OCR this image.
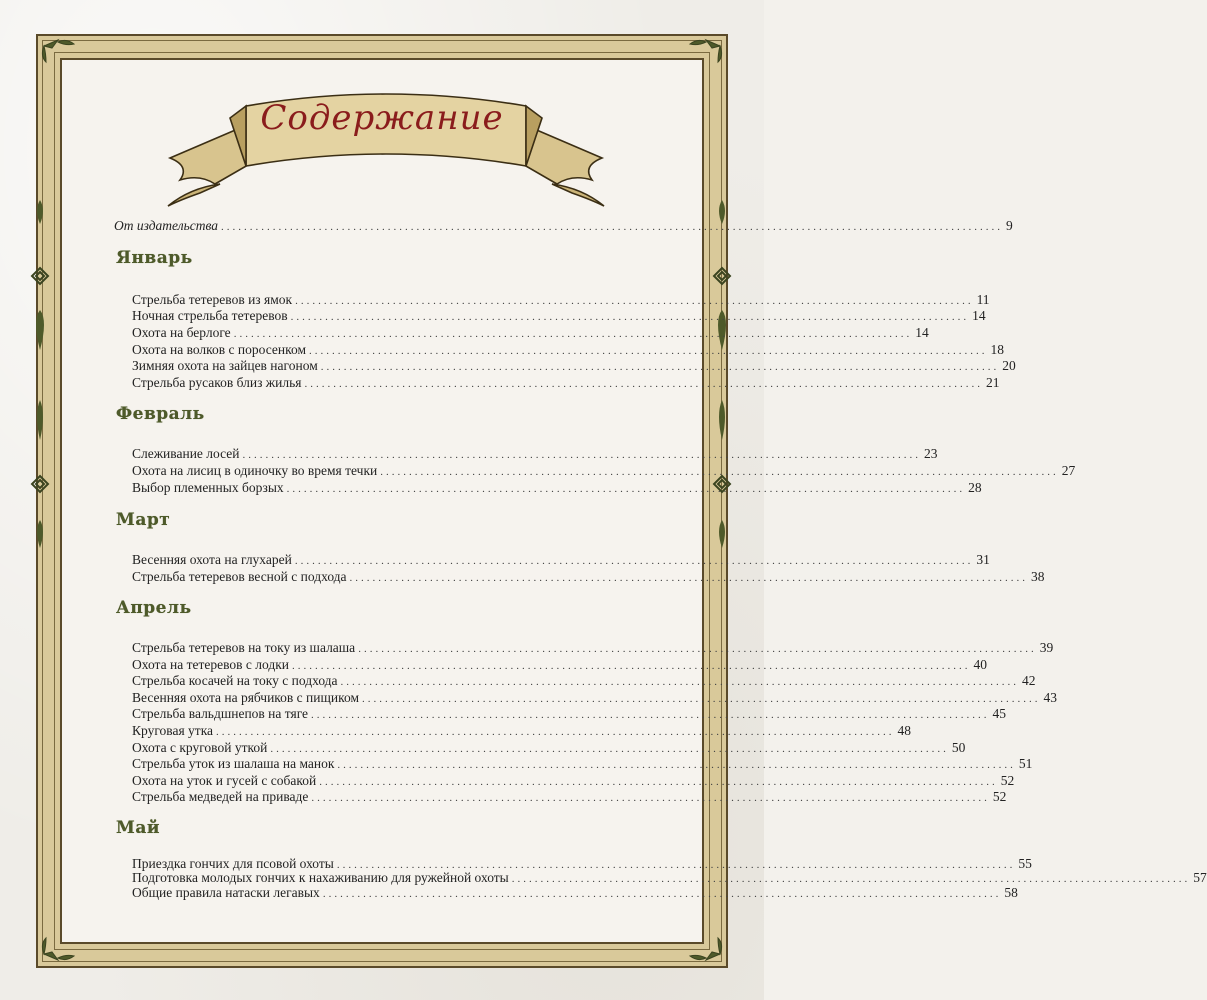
Содержание
От издательства ........................................................................................................................................ 9
Январь
Стрельба тетеревов из ямок ...................................................................................................................... 11
Ночная стрельба тетеревов ...................................................................................................................... 14
Охота на берлоге ...................................................................................................................... 14
Охота на волков с поросенком ...................................................................................................................... 18
Зимняя охота на зайцев нагоном ...................................................................................................................... 20
Стрельба русаков близ жилья ...................................................................................................................... 21
Февраль
Слеживание лосей ...................................................................................................................... 23
Охота на лисиц в одиночку во время течки ...................................................................................................................... 27
Выбор племенных борзых ...................................................................................................................... 28
Март
Весенняя охота на глухарей ...................................................................................................................... 31
Стрельба тетеревов весной с подхода ...................................................................................................................... 38
Апрель
Стрельба тетеревов на току из шалаша ...................................................................................................................... 39
Охота на тетеревов с лодки ...................................................................................................................... 40
Стрельба косачей на току с подхода ...................................................................................................................... 42
Весенняя охота на рябчиков с пищиком ...................................................................................................................... 43
Стрельба вальдшнепов на тяге ...................................................................................................................... 45
Круговая утка ...................................................................................................................... 48
Охота с круговой уткой ...................................................................................................................... 50
Стрельба уток из шалаша на манок ...................................................................................................................... 51
Охота на уток и гусей с собакой ...................................................................................................................... 52
Стрельба медведей на приваде ...................................................................................................................... 52
Май
Приездка гончих для псовой охоты ...................................................................................................................... 55
Подготовка молодых гончих к нахаживанию для ружейной охоты ...................................................................................................................... 57
Общие правила натаски легавых ...................................................................................................................... 58
